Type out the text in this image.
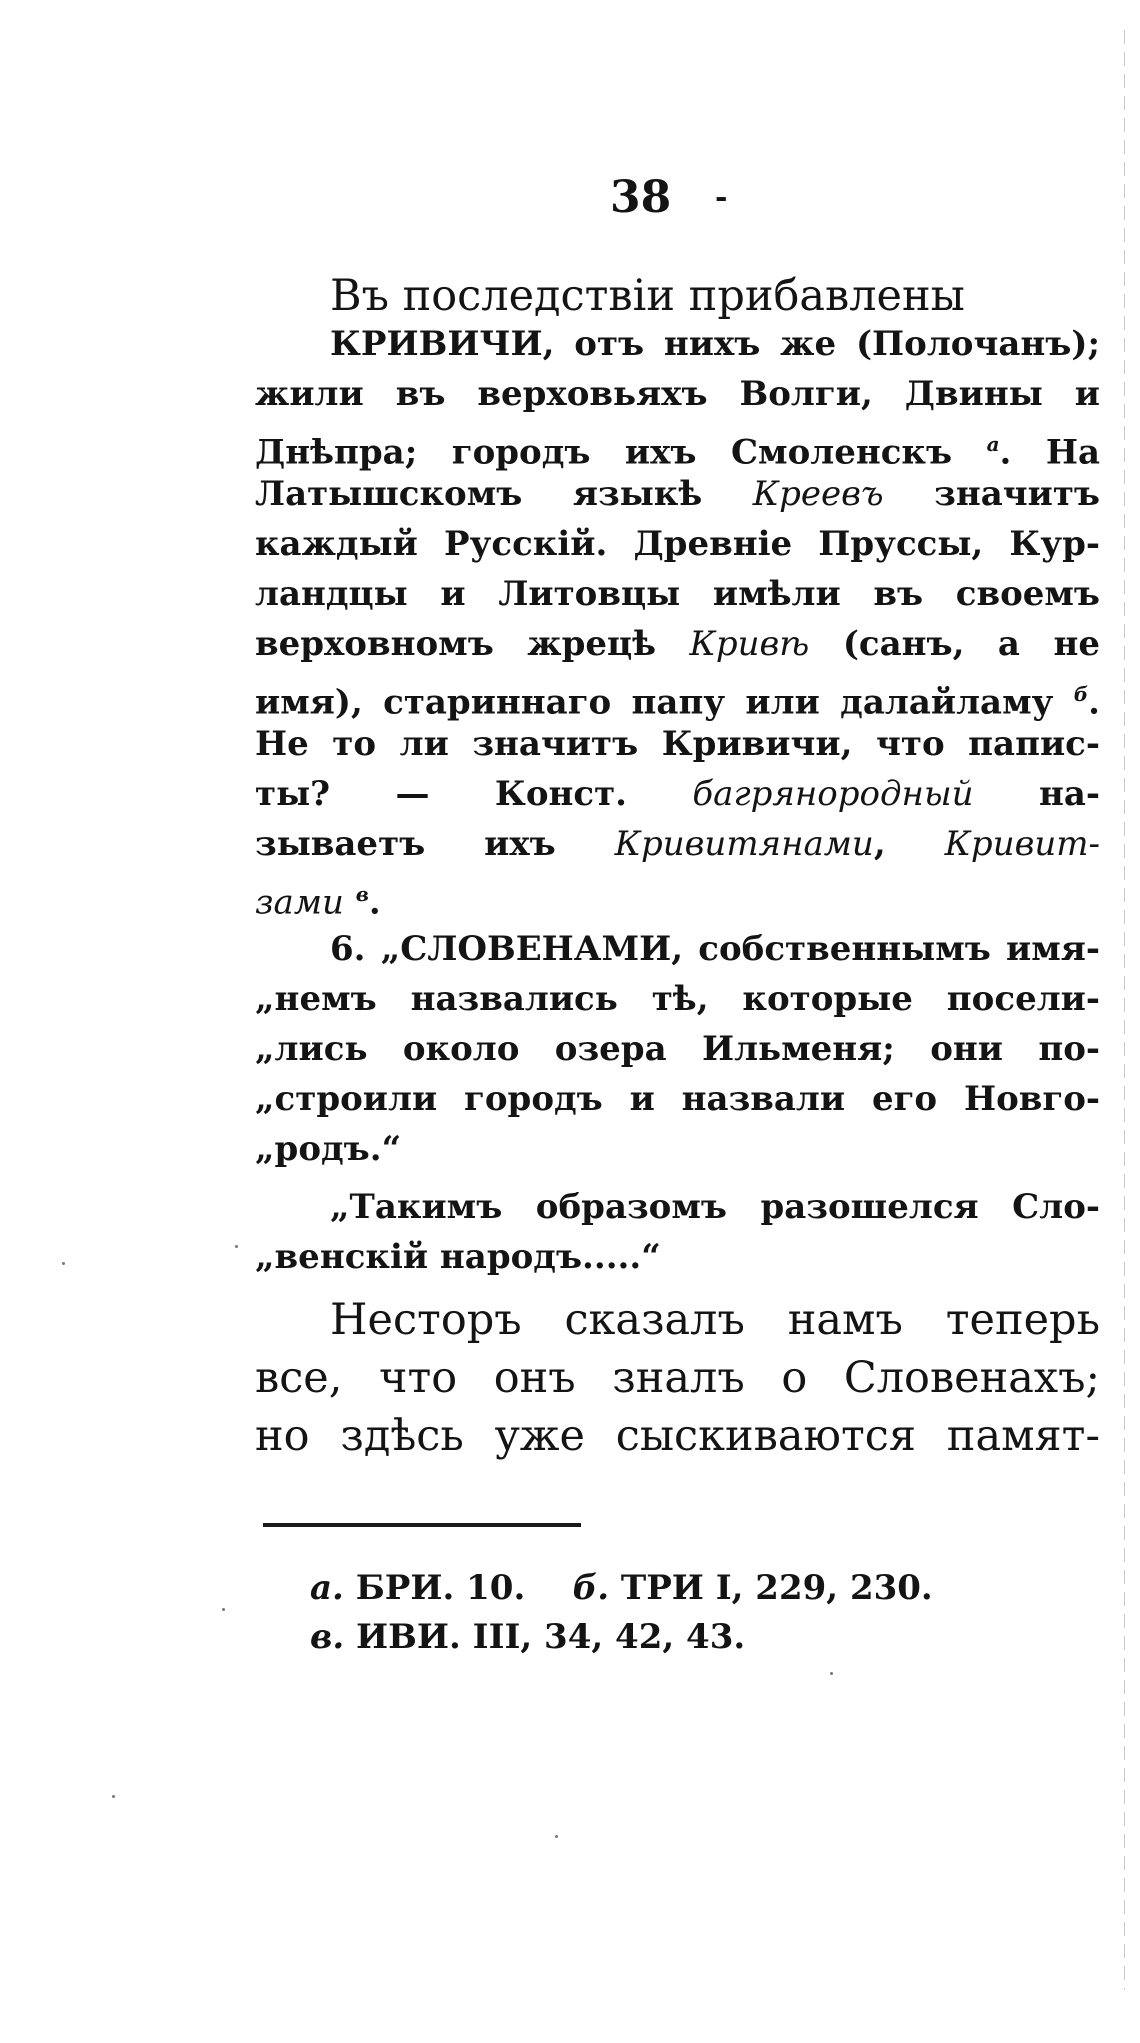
38 -
Въ последствіи прибавлены
КРИВИЧИ, отъ нихъ же (Полочанъ);
жили въ верховьяхъ Волги, Двины и
Днѣпра; городъ ихъ Смоленскъ $^а$. На
Латышскомъ языкѣ Креевъ значитъ
каждый Русскій. Древніе Пруссы, Кур-
ландцы и Литовцы имѣли въ своемъ
верховномъ жрецѣ Кривѣ (санъ, а не
имя), стариннаго папу или далайламу $^б$.
Не то ли значитъ Кривичи, что папис-
ты? — Конст. багрянородный на-
зываетъ ихъ Кривитянами, Кривит-
зами $^в$.
6. „СЛОВЕНАМИ, собственнымъ имя-
„немъ назвались тѣ, которые посели-
„лись около озера Ильменя; они по-
„строили городъ и назвали его Новго-
„родъ.“
„Такимъ образомъ разошелся Сло-
„венскій народъ.....“
Несторъ сказалъ намъ теперь
все, что онъ зналъ о Словенахъ;
но здѣсь уже сыскиваются памят-
а. БРИ. 10. б. ТРИ I, 229, 230.
в. ИВИ. III, 34, 42, 43.
